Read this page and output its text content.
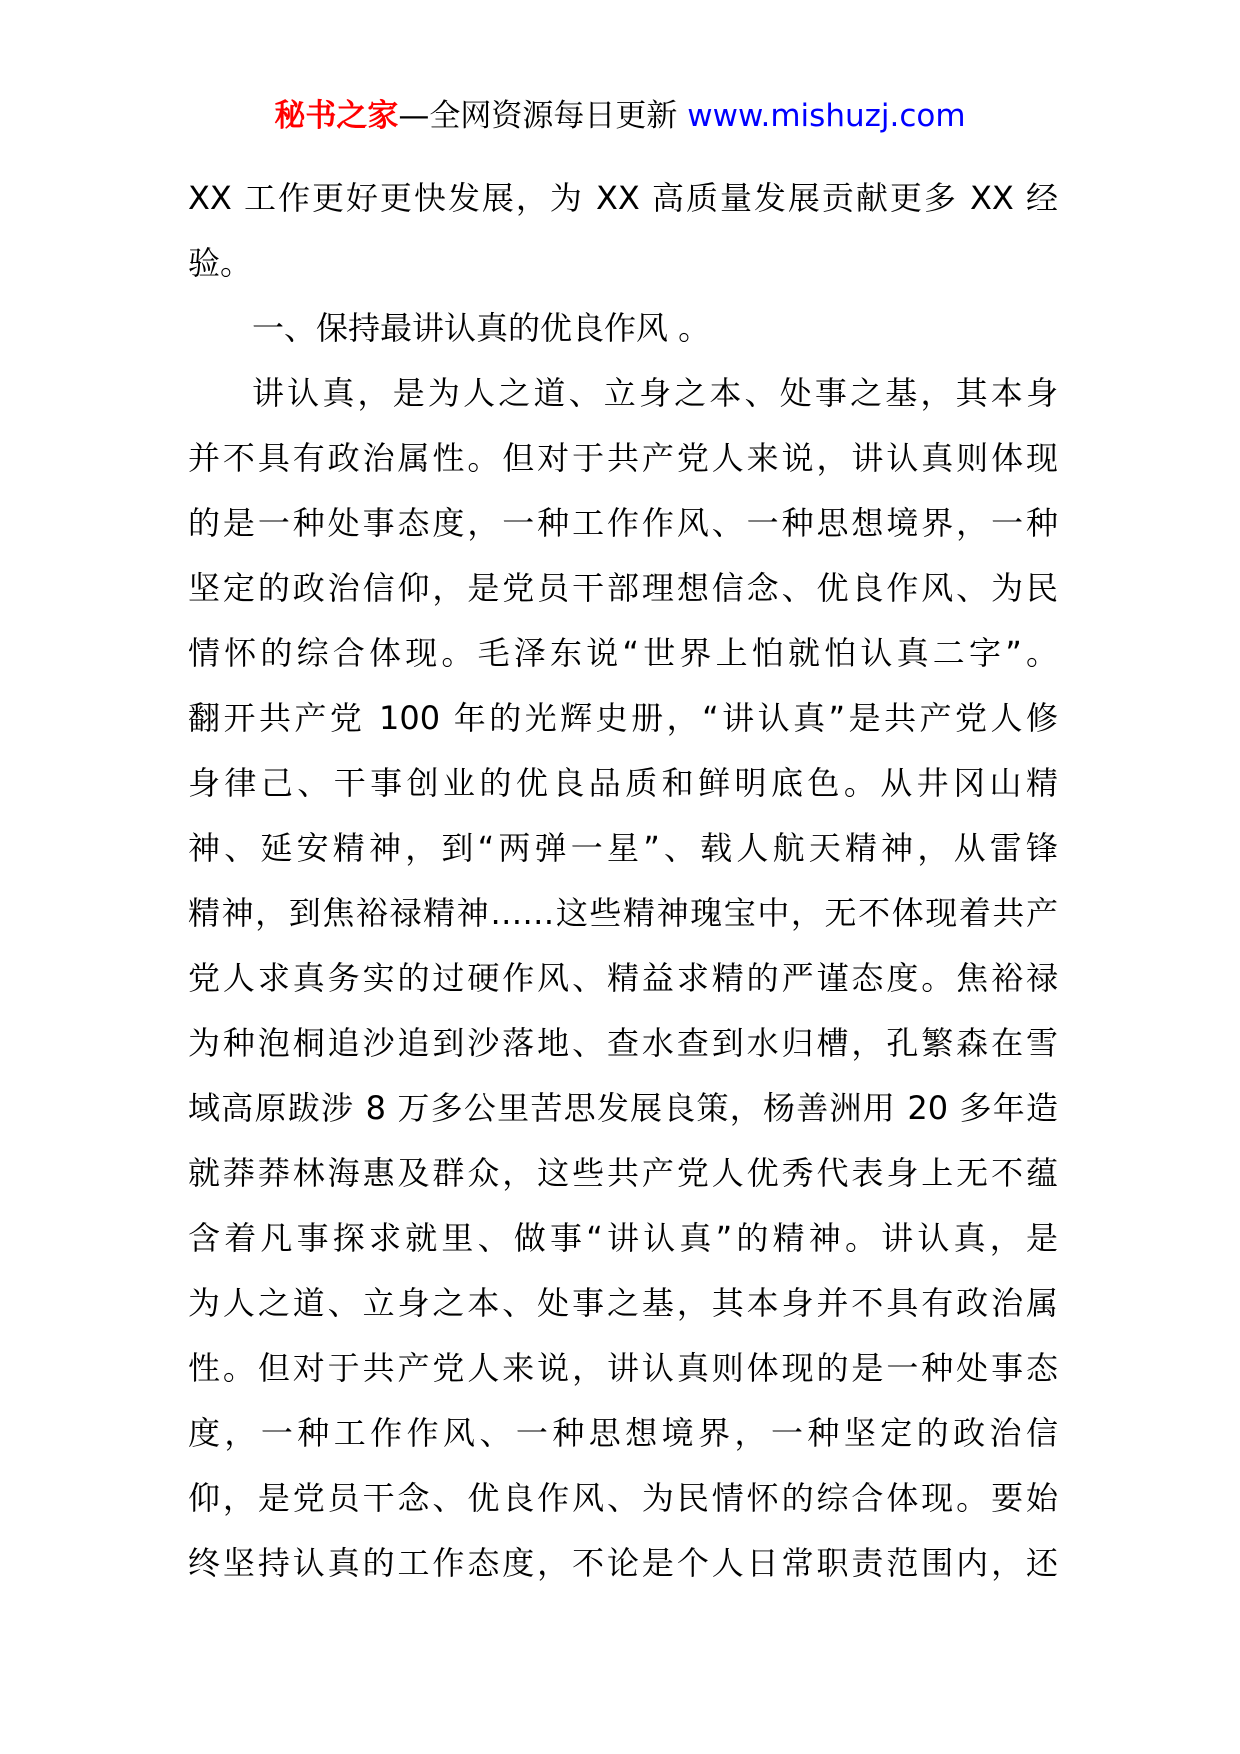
秘书之家—全网资源每日更新 www.mishuzj.com
XX 工作更好更快发展，为 XX 高质量发展贡献更多 XX 经
验。
一、保持最讲认真的优良作风 。
讲认真，是为人之道、立身之本、处事之基，其本身
并不具有政治属性。但对于共产党人来说，讲认真则体现
的是一种处事态度，一种工作作风、一种思想境界，一种
坚定的政治信仰，是党员干部理想信念、优良作风、为民
情怀的综合体现。毛泽东说“世界上怕就怕认真二字”。
翻开共产党 100 年的光辉史册，“讲认真”是共产党人修
身律己、干事创业的优良品质和鲜明底色。从井冈山精
神、延安精神，到“两弹一星”、载人航天精神，从雷锋
精神，到焦裕禄精神……这些精神瑰宝中，无不体现着共产
党人求真务实的过硬作风、精益求精的严谨态度。焦裕禄
为种泡桐追沙追到沙落地、查水查到水归槽，孔繁森在雪
域高原跋涉 8 万多公里苦思发展良策，杨善洲用 20 多年造
就莽莽林海惠及群众，这些共产党人优秀代表身上无不蕴
含着凡事探求就里、做事“讲认真”的精神。讲认真，是
为人之道、立身之本、处事之基，其本身并不具有政治属
性。但对于共产党人来说，讲认真则体现的是一种处事态
度，一种工作作风、一种思想境界，一种坚定的政治信
仰，是党员干念、优良作风、为民情怀的综合体现。要始
终坚持认真的工作态度，不论是个人日常职责范围内，还
